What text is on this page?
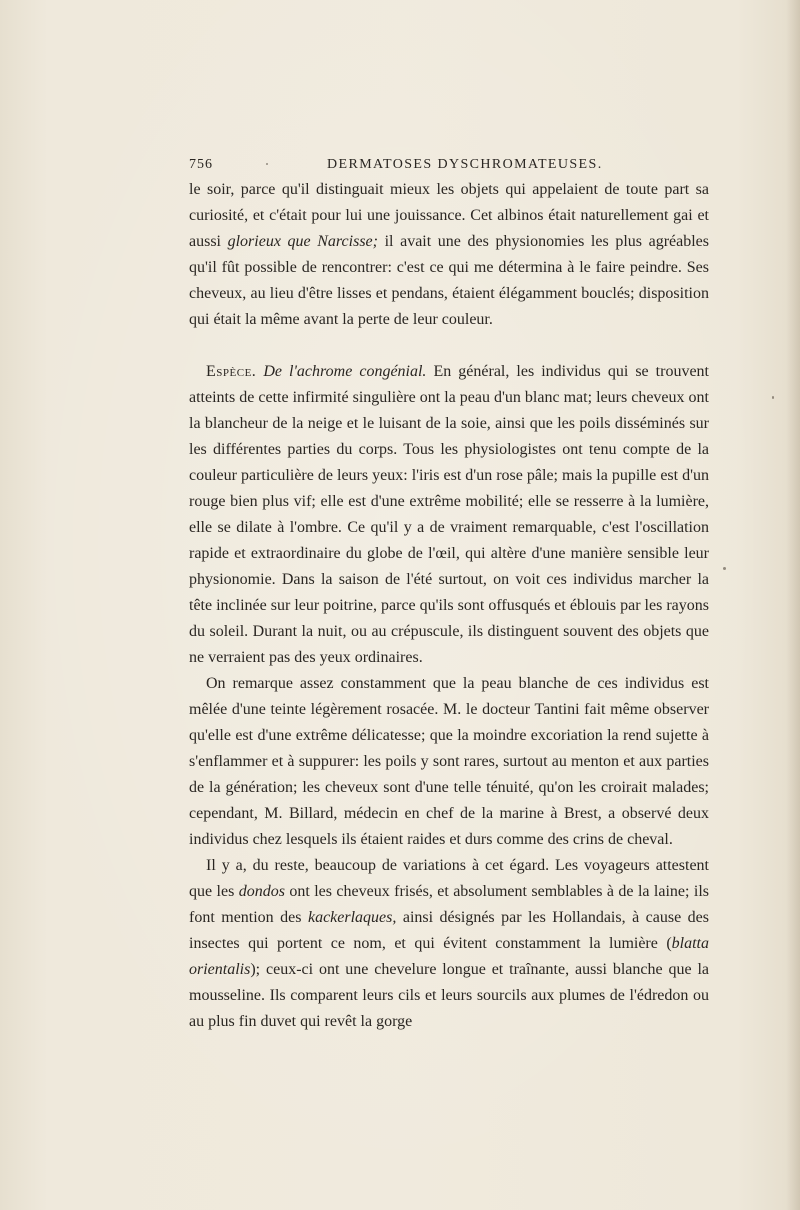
756	DERMATOSES DYSCHROMATEUSES.

le soir, parce qu'il distinguait mieux les objets qui appelaient de toute part sa curiosité, et c'était pour lui une jouissance. Cet albinos était naturellement gai et aussi glorieux que Narcisse; il avait une des physionomies les plus agréables qu'il fût possible de rencontrer: c'est ce qui me détermina à le faire peindre. Ses cheveux, au lieu d'être lisses et pendans, étaient élégamment bouclés; disposition qui était la même avant la perte de leur couleur.

Espèce. De l'achrome congénial. En général, les individus qui se trouvent atteints de cette infirmité singulière ont la peau d'un blanc mat; leurs cheveux ont la blancheur de la neige et le luisant de la soie, ainsi que les poils disséminés sur les différentes parties du corps. Tous les physiologistes ont tenu compte de la couleur particulière de leurs yeux: l'iris est d'un rose pâle; mais la pupille est d'un rouge bien plus vif; elle est d'une extrême mobilité; elle se resserre à la lumière, elle se dilate à l'ombre. Ce qu'il y a de vraiment remarquable, c'est l'oscillation rapide et extraordinaire du globe de l'œil, qui altère d'une manière sensible leur physionomie. Dans la saison de l'été surtout, on voit ces individus marcher la tête inclinée sur leur poitrine, parce qu'ils sont offusqués et éblouis par les rayons du soleil. Durant la nuit, ou au crépuscule, ils distinguent souvent des objets que ne verraient pas des yeux ordinaires.

On remarque assez constamment que la peau blanche de ces individus est mêlée d'une teinte légèrement rosacée. M. le docteur Tantini fait même observer qu'elle est d'une extrême délicatesse; que la moindre excoriation la rend sujette à s'enflammer et à suppurer: les poils y sont rares, surtout au menton et aux parties de la génération; les cheveux sont d'une telle ténuité, qu'on les croirait malades; cependant, M. Billard, médecin en chef de la marine à Brest, a observé deux individus chez lesquels ils étaient raides et durs comme des crins de cheval.

Il y a, du reste, beaucoup de variations à cet égard. Les voyageurs attestent que les dondos ont les cheveux frisés, et absolument semblables à de la laine; ils font mention des kackerlaques, ainsi désignés par les Hollandais, à cause des insectes qui portent ce nom, et qui évitent constamment la lumière (blatta orientalis); ceux-ci ont une chevelure longue et traînante, aussi blanche que la mousseline. Ils comparent leurs cils et leurs sourcils aux plumes de l'édredon ou au plus fin duvet qui revêt la gorge
